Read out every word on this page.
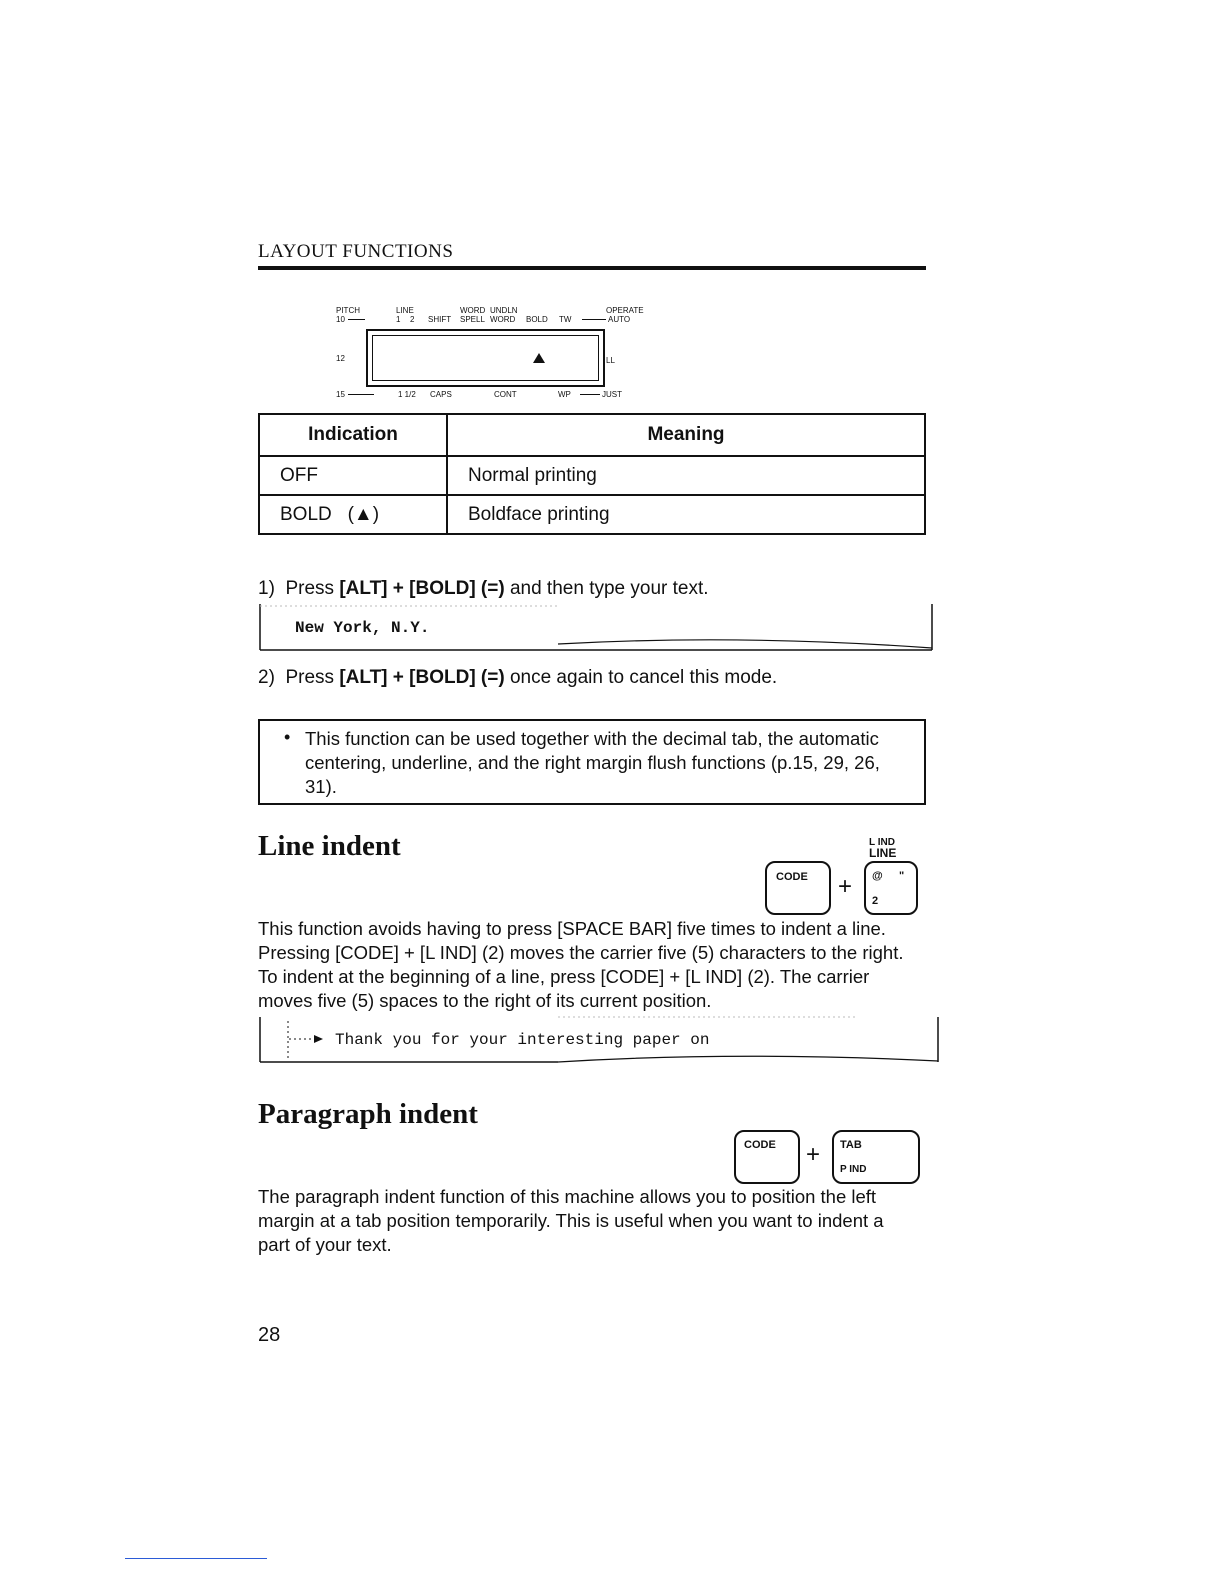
LAYOUT FUNCTIONS
PITCH	LINE	WORD UNDLN	OPERATE
10	1 2 SHIFT SPELL WORD BOLD TW	AUTO
12	LL
15	1 1/2 CAPS	CONT	WP	JUST
Indication	Meaning
OFF	Normal printing
BOLD (▲)	Boldface printing
1) Press [ALT] + [BOLD] (=) and then type your text.
New York, N.Y.
2) Press [ALT] + [BOLD] (=) once again to cancel this mode.
• This function can be used together with the decimal tab, the automatic centering, underline, and the right margin flush functions (p.15, 29, 26, 31).
Line indent	L IND
LINE
CODE + @ "
2
This function avoids having to press [SPACE BAR] five times to indent a line.
Pressing [CODE] + [L IND] (2) moves the carrier five (5) characters to the right.
To indent at the beginning of a line, press [CODE] + [L IND] (2). The carrier
moves five (5) spaces to the right of its current position.
Thank you for your interesting paper on
Paragraph indent
CODE + TAB
P IND
The paragraph indent function of this machine allows you to position the left
margin at a tab position temporarily. This is useful when you want to indent a
part of your text.
28
